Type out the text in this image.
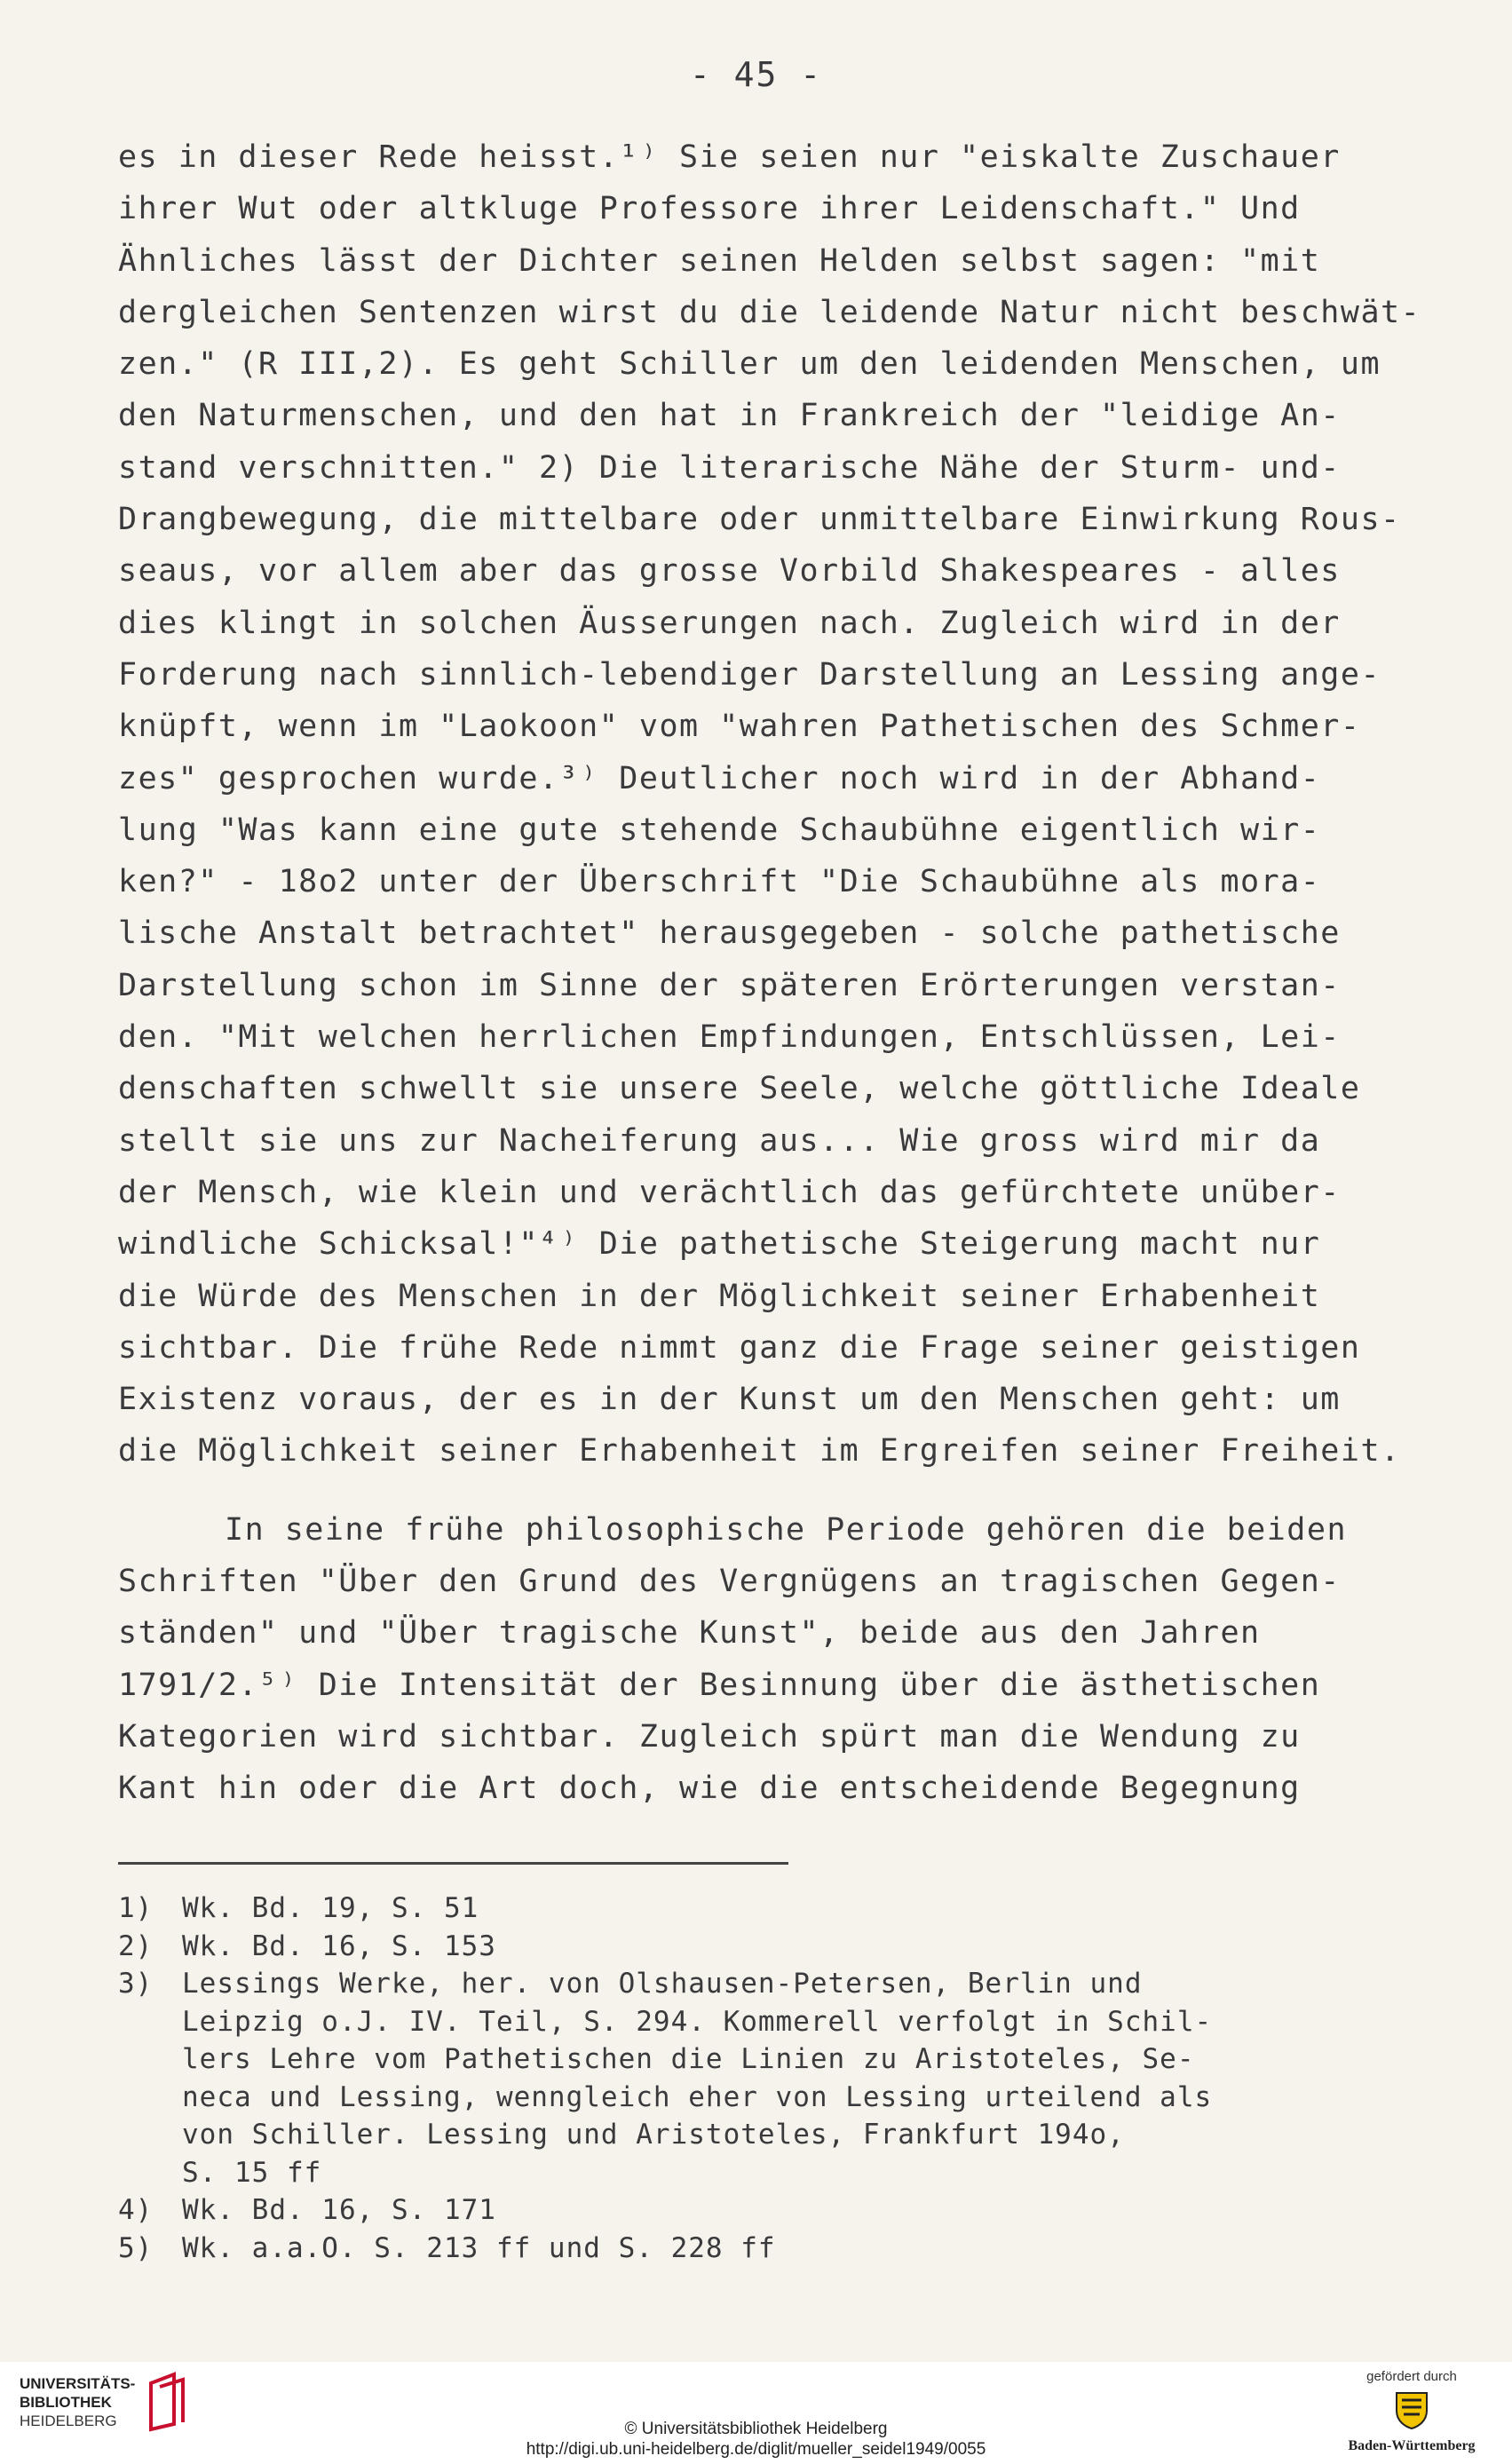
- 45 -
es in dieser Rede heisst.¹⁾ Sie seien nur "eiskalte Zuschauer
ihrer Wut oder altkluge Professore ihrer Leidenschaft." Und
Ähnliches lässt der Dichter seinen Helden selbst sagen: "mit
dergleichen Sentenzen wirst du die leidende Natur nicht beschwät-
zen." (R III,2). Es geht Schiller um den leidenden Menschen, um
den Naturmenschen, und den hat in Frankreich der "leidige An-
stand verschnitten." 2) Die literarische Nähe der Sturm- und-
Drangbewegung, die mittelbare oder unmittelbare Einwirkung Rous-
seaus, vor allem aber das grosse Vorbild Shakespeares - alles
dies klingt in solchen Äusserungen nach. Zugleich wird in der
Forderung nach sinnlich-lebendiger Darstellung an Lessing ange-
knüpft, wenn im "Laokoon" vom "wahren Pathetischen des Schmer-
zes" gesprochen wurde.³⁾ Deutlicher noch wird in der Abhand-
lung "Was kann eine gute stehende Schaubühne eigentlich wir-
ken?" - 18o2 unter der Überschrift "Die Schaubühne als mora-
lische Anstalt betrachtet" herausgegeben - solche pathetische
Darstellung schon im Sinne der späteren Erörterungen verstan-
den. "Mit welchen herrlichen Empfindungen, Entschlüssen, Lei-
denschaften schwellt sie unsere Seele, welche göttliche Ideale
stellt sie uns zur Nacheiferung aus... Wie gross wird mir da
der Mensch, wie klein und verächtlich das gefürchtete unüber-
windliche Schicksal!"⁴⁾ Die pathetische Steigerung macht nur
die Würde des Menschen in der Möglichkeit seiner Erhabenheit
sichtbar. Die frühe Rede nimmt ganz die Frage seiner geistigen
Existenz voraus, der es in der Kunst um den Menschen geht: um
die Möglichkeit seiner Erhabenheit im Ergreifen seiner Freiheit.
In seine frühe philosophische Periode gehören die beiden
Schriften "Über den Grund des Vergnügens an tragischen Gegen-
ständen" und "Über tragische Kunst", beide aus den Jahren
1791/2.⁵⁾ Die Intensität der Besinnung über die ästhetischen
Kategorien wird sichtbar. Zugleich spürt man die Wendung zu
Kant hin oder die Art doch, wie die entscheidende Begegnung
1)	Wk. Bd. 19, S. 51
2)	Wk. Bd. 16, S. 153
3)	Lessings Werke, her. von Olshausen-Petersen, Berlin und
Leipzig o.J. IV. Teil, S. 294. Kommerell verfolgt in Schil-
lers Lehre vom Pathetischen die Linien zu Aristoteles, Se-
neca und Lessing, wenngleich eher von Lessing urteilend als
von Schiller. Lessing und Aristoteles, Frankfurt 194o,
S. 15 ff
4)	Wk. Bd. 16, S. 171
5)	Wk. a.a.O. S. 213 ff und S. 228 ff
UNIVERSITÄTS-
BIBLIOTHEK
HEIDELBERG	© Universitätsbibliothek Heidelberg
http://digi.ub.uni-heidelberg.de/diglit/mueller_seidel1949/0055
gefördert durch
Baden-Württemberg
